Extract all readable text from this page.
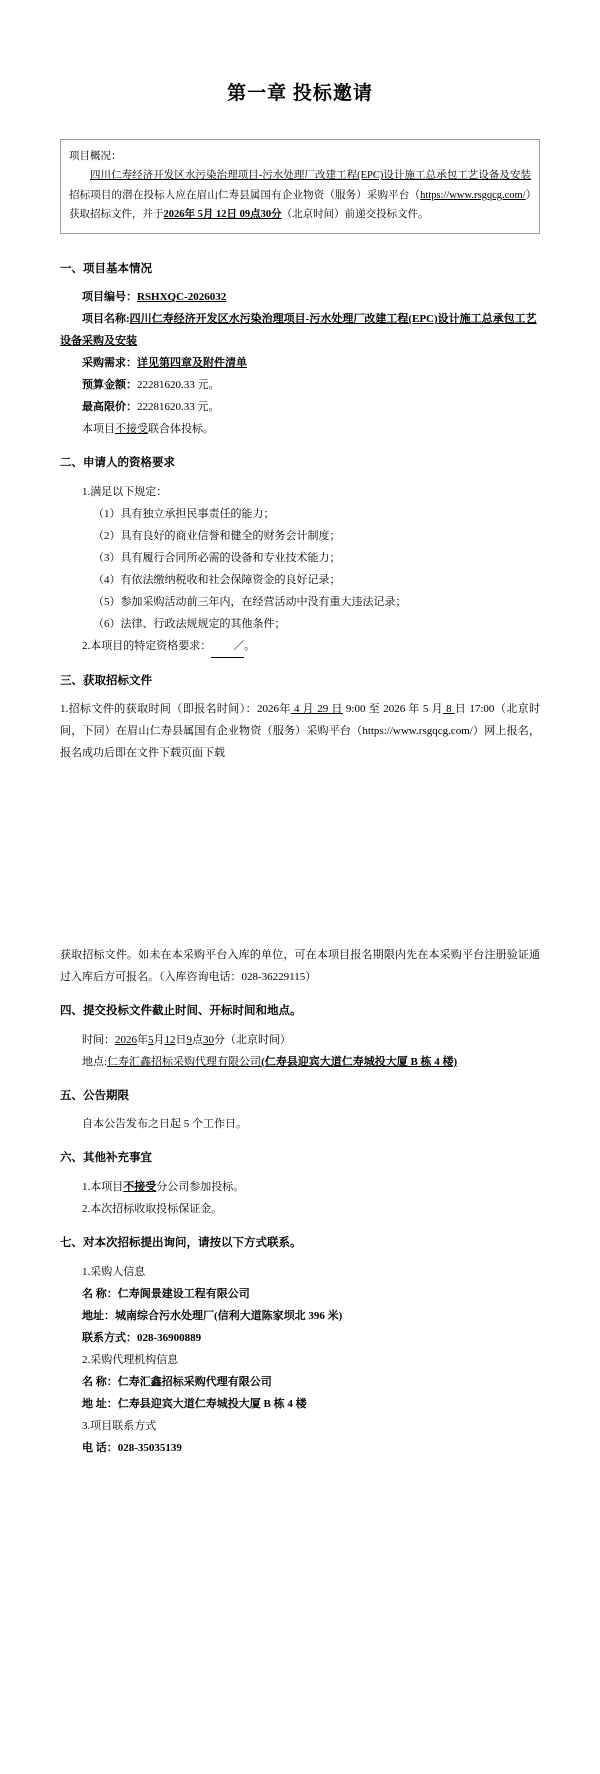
第一章 投标邀请
项目概况：
四川仁寿经济开发区水污染治理项目-污水处理厂改建工程(EPC)设计施工总承包工艺设备及安装招标项目的潜在投标人应在眉山仁寿县属国有企业物资（服务）采购平台（https://www.rsgqcg.com/）获取招标文件，并于2026年 5月 12日 09点30分（北京时间）前递交投标文件。
一、项目基本情况
项目编号：RSHXQC-2026032
项目名称:四川仁寿经济开发区水污染治理项目-污水处理厂改建工程(EPC)设计施工总承包工艺设备采购及安装
采购需求：详见第四章及附件清单
预算金额：22281620.33 元。
最高限价：22281620.33 元。
本项目不接受联合体投标。
二、申请人的资格要求
1.满足以下规定：
（1）具有独立承担民事责任的能力；
（2）具有良好的商业信誉和健全的财务会计制度；
（3）具有履行合同所必需的设备和专业技术能力；
（4）有依法缴纳税收和社会保障资金的良好记录；
（5）参加采购活动前三年内，在经营活动中没有重大违法记录；
（6）法律、行政法规规定的其他条件；
2.本项目的特定资格要求： ／。
三、获取招标文件
1.招标文件的获取时间（即报名时间）：2026年 4 月 29 日 9:00 至 2026 年 5 月 8 日 17:00（北京时间，下同）在眉山仁寿县属国有企业物资（服务）采购平台（https://www.rsgqcg.com/）网上报名，报名成功后即在文件下载页面下载
获取招标文件。如未在本采购平台入库的单位，可在本项目报名期限内先在本采购平台注册验证通过入库后方可报名。（入库咨询电话：028-36229115）
四、提交投标文件截止时间、开标时间和地点。
时间：2026年5月12日9点30分（北京时间）
地点:仁寿汇鑫招标采购代理有限公司(仁寿县迎宾大道仁寿城投大厦 B 栋 4 楼)
五、公告期限
自本公告发布之日起 5 个工作日。
六、其他补充事宜
1.本项目不接受分公司参加投标。
2.本次招标收取投标保证金。
七、对本次招标提出询问，请按以下方式联系。
1.采购人信息
名 称：仁寿阆景建设工程有限公司
地址：城南综合污水处理厂(信利大道陈家坝北 396 米)
联系方式：028-36900889
2.采购代理机构信息
名 称：仁寿汇鑫招标采购代理有限公司
地 址：仁寿县迎宾大道仁寿城投大厦 B 栋 4 楼
3.项目联系方式
电 话：028-35035139
